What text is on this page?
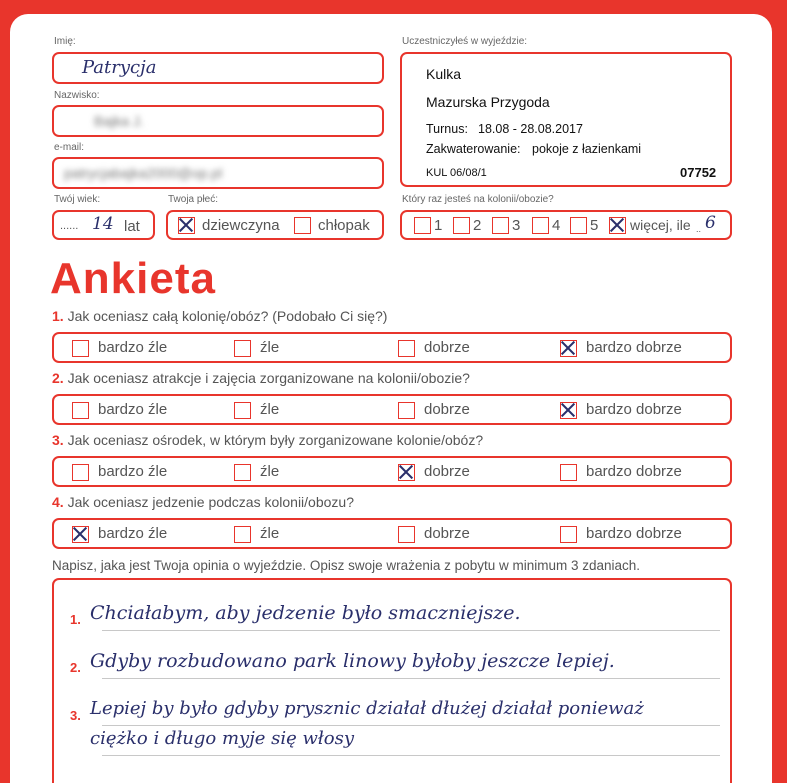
Imię:
Patrycja
Nazwisko:
Bajka J.
e-mail:
patrycjabajka2000@op.pl
Twój wiek:
...... 14 lat
Twoja płeć:
dziewczyna	chłopak
Uczestniczyłeś w wyjeździe:
Kulka
Mazurska Przygoda
Turnus: 18.08 - 28.08.2017
Zakwaterowanie: pokoje z łazienkami
KUL 06/08/1	07752
Który raz jesteś na kolonii/obozie?
1 2 3 4 5 więcej, ile .. 6
Ankieta
Napisz, jaka jest Twoja opinia o wyjeździe. Opisz swoje wrażenia z pobytu w minimum 3 zdaniach.
1. Chciałabym, aby jedzenie było smaczniejsze.
2. Gdyby rozbudowano park linowy byłoby jeszcze lepiej.
3. Lepiej by było gdyby prysznic działał dłużej działał ponieważ
ciężko i długo myje się włosy
1. Jak oceniasz całą kolonię/obóz? (Podobało Ci się?)
bardzo źle	źle	dobrze	bardzo dobrze
2. Jak oceniasz atrakcje i zajęcia zorganizowane na kolonii/obozie?
bardzo źle	źle	dobrze	bardzo dobrze
3. Jak oceniasz ośrodek, w którym były zorganizowane kolonie/obóz?
bardzo źle	źle	dobrze	bardzo dobrze
4. Jak oceniasz jedzenie podczas kolonii/obozu?
bardzo źle	źle	dobrze	bardzo dobrze
